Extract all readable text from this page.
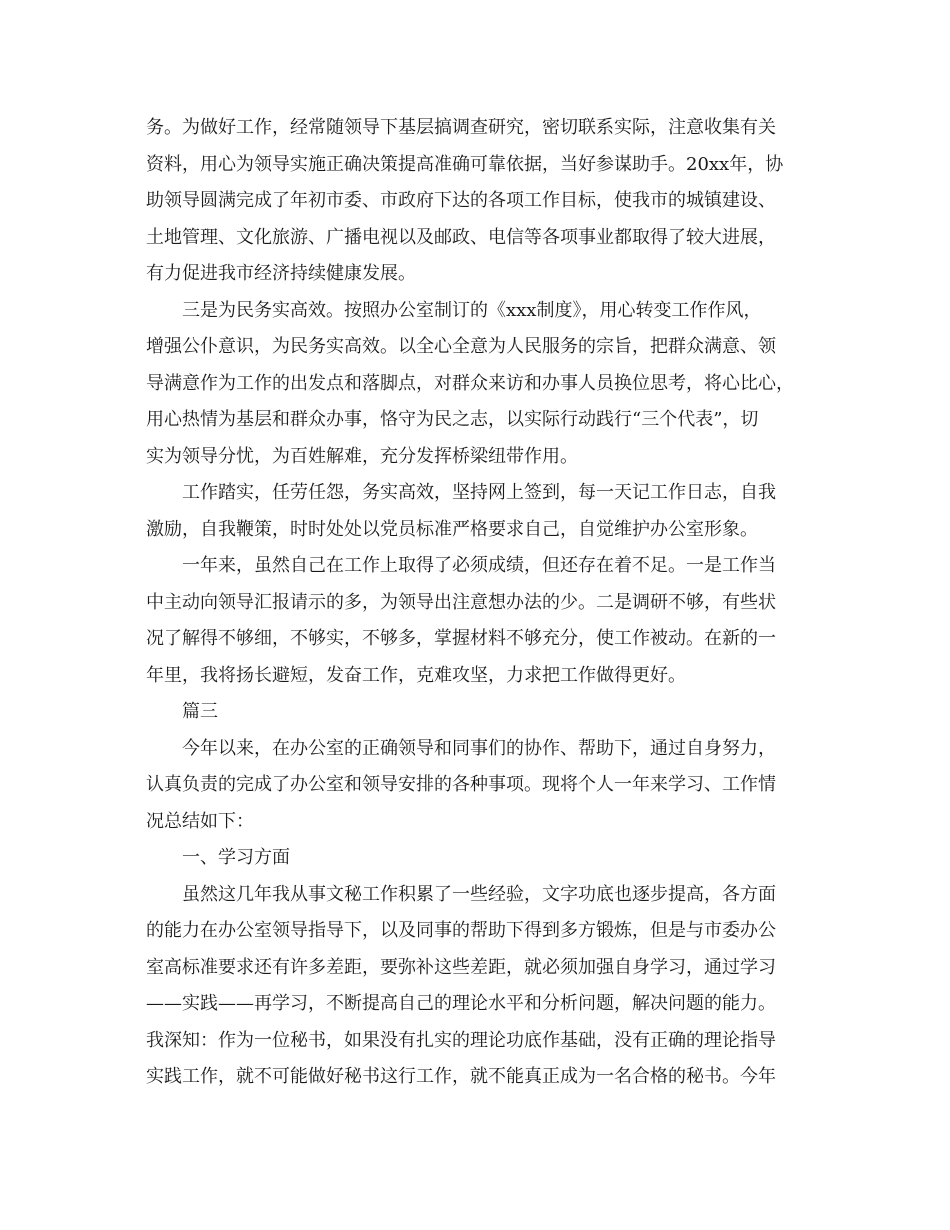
务。为做好工作，经常随领导下基层搞调查研究，密切联系实际，注意收集有关
资料，用心为领导实施正确决策提高准确可靠依据，当好参谋助手。20xx年，协
助领导圆满完成了年初市委、市政府下达的各项工作目标，使我市的城镇建设、
土地管理、文化旅游、广播电视以及邮政、电信等各项事业都取得了较大进展，
有力促进我市经济持续健康发展。
三是为民务实高效。按照办公室制订的《xxx制度》，用心转变工作作风，
增强公仆意识，为民务实高效。以全心全意为人民服务的宗旨，把群众满意、领
导满意作为工作的出发点和落脚点，对群众来访和办事人员换位思考，将心比心，
用心热情为基层和群众办事，恪守为民之志，以实际行动践行“三个代表”，切
实为领导分忧，为百姓解难，充分发挥桥梁纽带作用。
工作踏实，任劳任怨，务实高效，坚持网上签到，每一天记工作日志，自我
激励，自我鞭策，时时处处以党员标准严格要求自己，自觉维护办公室形象。
一年来，虽然自己在工作上取得了必须成绩，但还存在着不足。一是工作当
中主动向领导汇报请示的多，为领导出注意想办法的少。二是调研不够，有些状
况了解得不够细，不够实，不够多，掌握材料不够充分，使工作被动。在新的一
年里，我将扬长避短，发奋工作，克难攻坚，力求把工作做得更好。
篇三
今年以来，在办公室的正确领导和同事们的协作、帮助下，通过自身努力，
认真负责的完成了办公室和领导安排的各种事项。现将个人一年来学习、工作情
况总结如下：
一、学习方面
虽然这几年我从事文秘工作积累了一些经验，文字功底也逐步提高，各方面
的能力在办公室领导指导下，以及同事的帮助下得到多方锻炼，但是与市委办公
室高标准要求还有许多差距，要弥补这些差距，就必须加强自身学习，通过学习
——实践——再学习，不断提高自己的理论水平和分析问题，解决问题的能力。
我深知：作为一位秘书，如果没有扎实的理论功底作基础，没有正确的理论指导
实践工作，就不可能做好秘书这行工作，就不能真正成为一名合格的秘书。今年
